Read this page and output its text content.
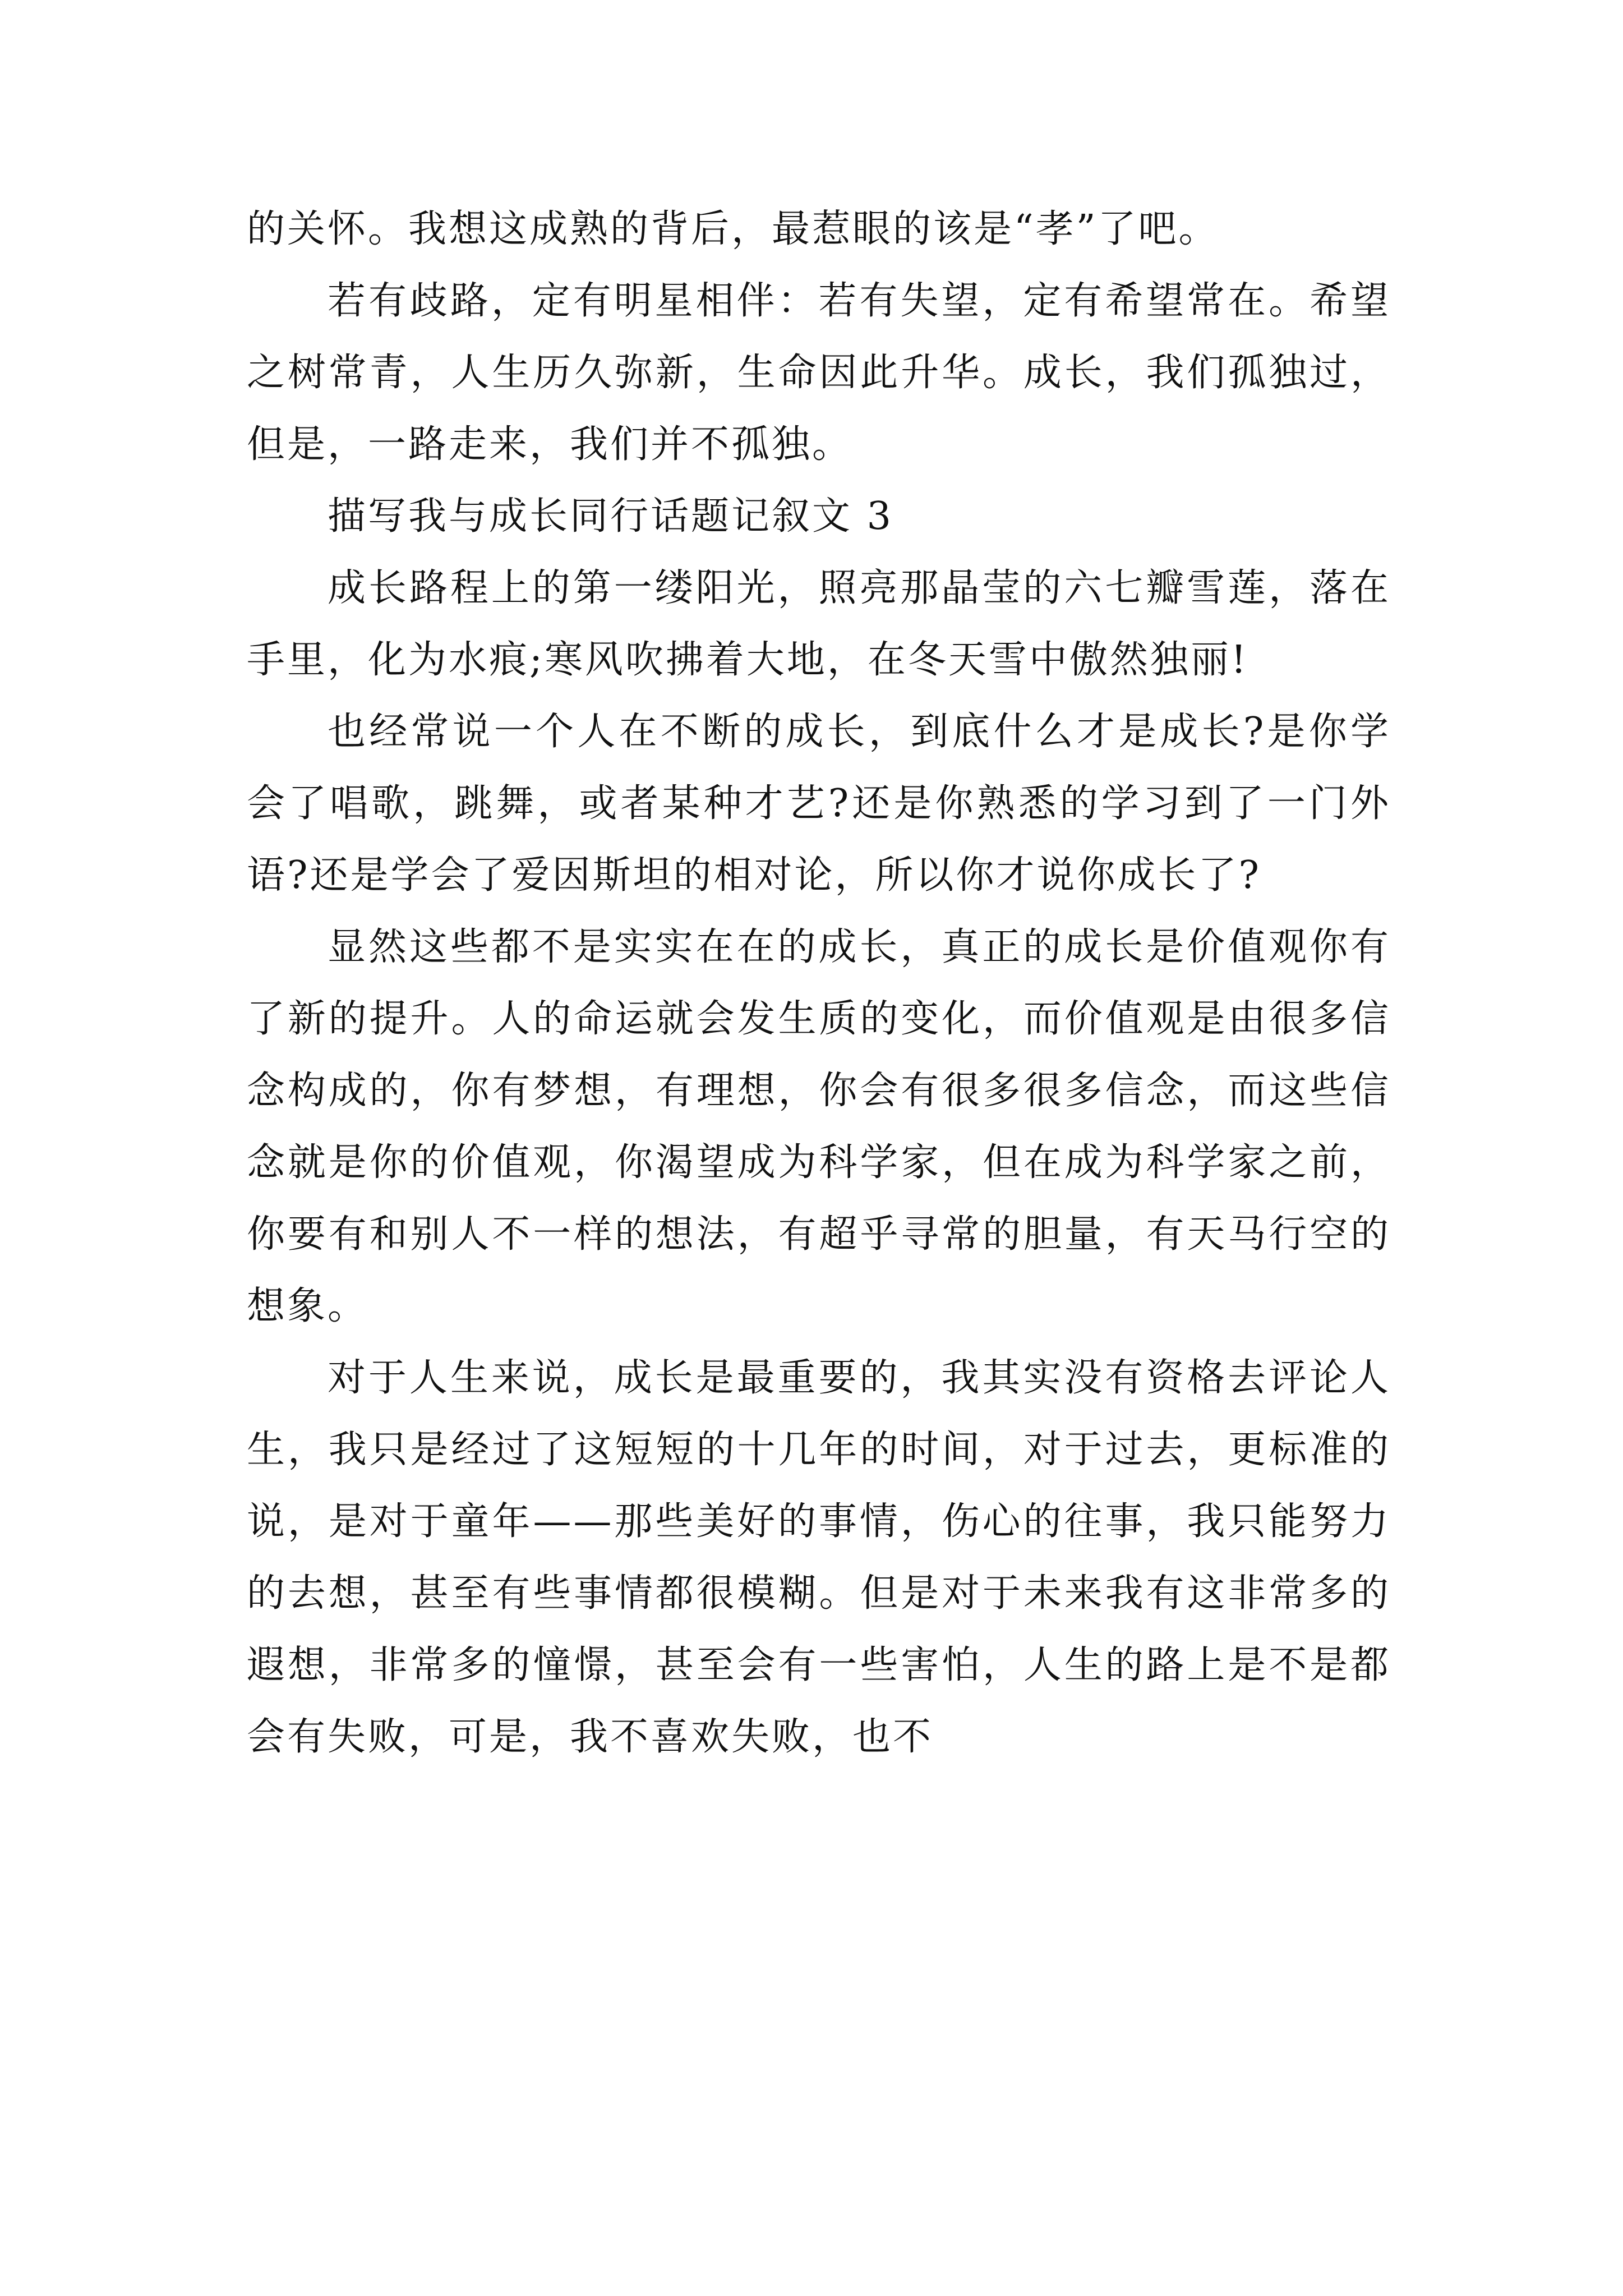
的关怀。我想这成熟的背后，最惹眼的该是“孝”了吧。

若有歧路，定有明星相伴：若有失望，定有希望常在。希望之树常青，人生历久弥新，生命因此升华。成长，我们孤独过，但是，一路走来，我们并不孤独。

描写我与成长同行话题记叙文 3

成长路程上的第一缕阳光，照亮那晶莹的六七瓣雪莲，落在手里，化为水痕;寒风吹拂着大地，在冬天雪中傲然独丽!

也经常说一个人在不断的成长，到底什么才是成长?是你学会了唱歌，跳舞，或者某种才艺?还是你熟悉的学习到了一门外语?还是学会了爱因斯坦的相对论，所以你才说你成长了?

显然这些都不是实实在在的成长，真正的成长是价值观你有了新的提升。人的命运就会发生质的变化，而价值观是由很多信念构成的，你有梦想，有理想，你会有很多很多信念，而这些信念就是你的价值观，你渴望成为科学家，但在成为科学家之前，你要有和别人不一样的想法，有超乎寻常的胆量，有天马行空的想象。

对于人生来说，成长是最重要的，我其实没有资格去评论人生，我只是经过了这短短的十几年的时间，对于过去，更标准的说，是对于童年——那些美好的事情，伤心的往事，我只能努力的去想，甚至有些事情都很模糊。但是对于未来我有这非常多的遐想，非常多的憧憬，甚至会有一些害怕，人生的路上是不是都会有失败，可是，我不喜欢失败，也不
